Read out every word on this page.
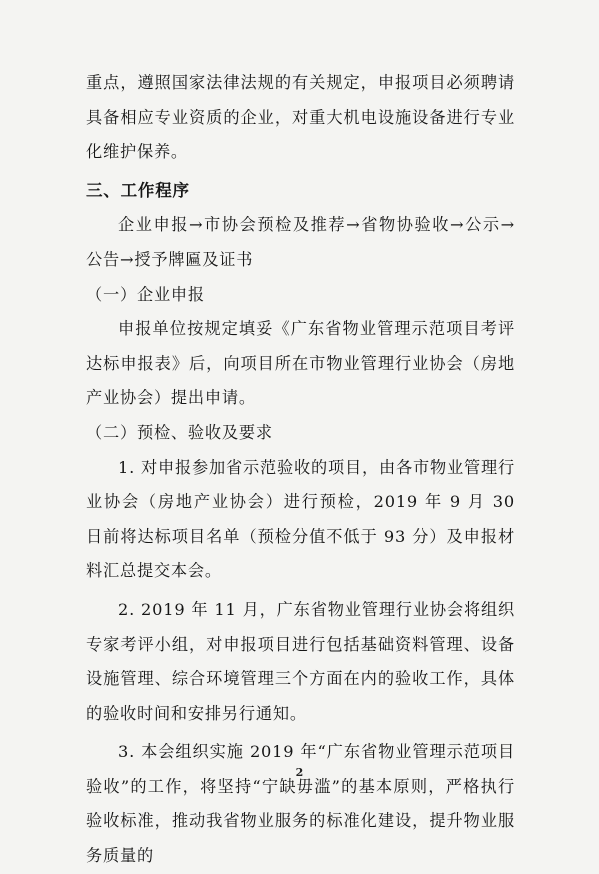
重点，遵照国家法律法规的有关规定，申报项目必须聘请具备相应专业资质的企业，对重大机电设施设备进行专业化维护保养。

三、工作程序

企业申报→市协会预检及推荐→省物协验收→公示→公告→授予牌匾及证书

（一）企业申报

申报单位按规定填妥《广东省物业管理示范项目考评达标申报表》后，向项目所在市物业管理行业协会（房地产业协会）提出申请。

（二）预检、验收及要求

1. 对申报参加省示范验收的项目，由各市物业管理行业协会（房地产业协会）进行预检，2019 年 9 月 30 日前将达标项目名单（预检分值不低于 93 分）及申报材料汇总提交本会。

2. 2019 年 11 月，广东省物业管理行业协会将组织专家考评小组，对申报项目进行包括基础资料管理、设备设施管理、综合环境管理三个方面在内的验收工作，具体的验收时间和安排另行通知。

3. 本会组织实施 2019 年“广东省物业管理示范项目验收”的工作，将坚持“宁缺毋滥”的基本原则，严格执行验收标准，推动我省物业服务的标准化建设，提升物业服务质量的

2
